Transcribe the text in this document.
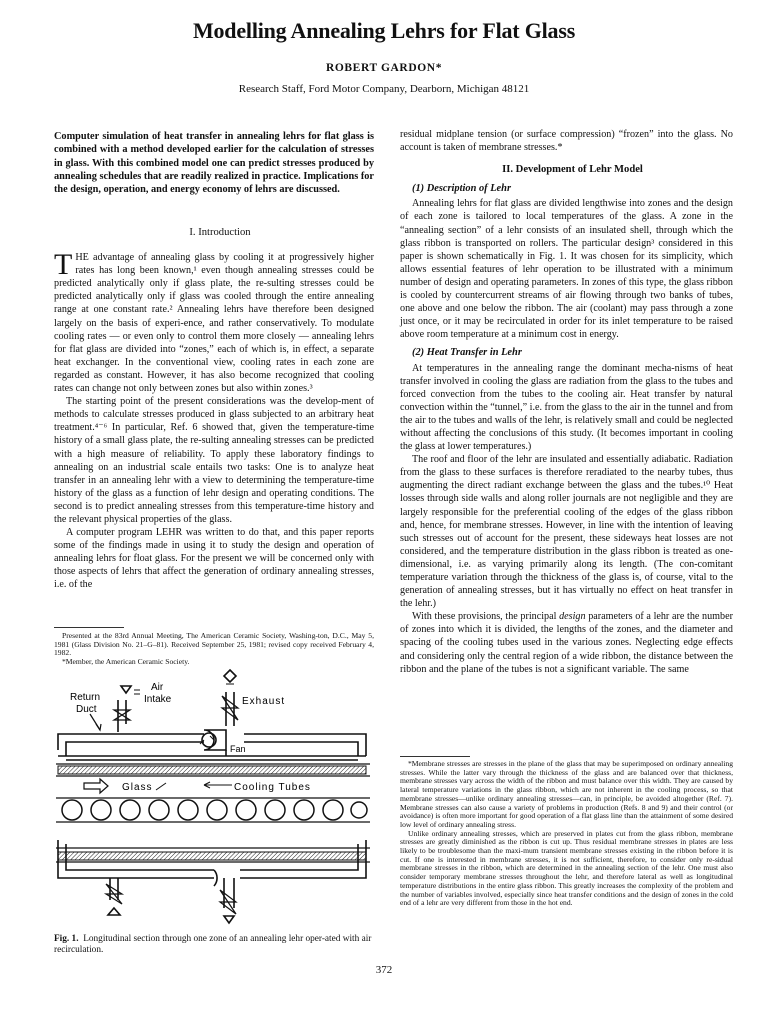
Modelling Annealing Lehrs for Flat Glass
ROBERT GARDON*
Research Staff, Ford Motor Company, Dearborn, Michigan 48121
Computer simulation of heat transfer in annealing lehrs for flat glass is combined with a method developed earlier for the calculation of stresses in glass. With this combined model one can predict stresses produced by annealing schedules that are readily realized in practice. Implications for the design, operation, and energy economy of lehrs are discussed.

I. Introduction

THE advantage of annealing glass by cooling it at progressively higher rates has long been known,¹ even though annealing stresses could be predicted analytically only if glass plate, the re-sulting stresses could be predicted analytically only if glass was cooled through the entire annealing range at one constant rate.² Annealing lehrs have therefore been designed largely on the basis of experi-ence, and rather conservatively. To modulate cooling rates — or even only to control them more closely — annealing lehrs for flat glass are divided into “zones,” each of which is, in effect, a separate heat exchanger. In the conventional view, cooling rates in each zone are regarded as constant. However, it has also become recognized that cooling rates can change not only between zones but also within zones.³

The starting point of the present considerations was the develop-ment of methods to calculate stresses produced in glass subjected to an arbitrary heat treatment.⁴⁻⁶ In particular, Ref. 6 showed that, given the temperature-time history of a small glass plate, the re-sulting annealing stresses can be predicted with a high measure of reliability. To apply these laboratory findings to annealing on an industrial scale entails two tasks: One is to analyze heat transfer in an annealing lehr with a view to determining the temperature-time history of the glass as a function of lehr design and operating conditions. The second is to predict annealing stresses from this temperature-time history and the relevant physical properties of the glass.

A computer program LEHR was written to do that, and this paper reports some of the findings made in using it to study the design and operation of annealing lehrs for float glass. For the present we will be concerned only with those aspects of lehrs that affect the generation of ordinary annealing stresses, i.e. of the

Presented at the 83rd Annual Meeting, The American Ceramic Society, Washing-ton, D.C., May 5, 1981 (Glass Division No. 21–G–81). Received September 25, 1981; revised copy received February 4, 1982.

*Member, the American Ceramic Society.

Air
Intake
Return
Duct
Exhaust
Fan
Glass	Cooling Tubes
Fig. 1. Longitudinal section through one zone of an annealing lehr oper-ated with air recirculation.

residual midplane tension (or surface compression) “frozen” into the glass. No account is taken of membrane stresses.*

II. Development of Lehr Model

(1) Description of Lehr

Annealing lehrs for flat glass are divided lengthwise into zones and the design of each zone is tailored to local temperatures of the glass. A zone in the “annealing section” of a lehr consists of an insulated shell, through which the glass ribbon is transported on rollers. The particular design³ considered in this paper is shown schematically in Fig. 1. It was chosen for its simplicity, which allows essential features of lehr operation to be illustrated with a minimum number of design and operating parameters. In zones of this type, the glass ribbon is cooled by countercurrent streams of air flowing through two banks of tubes, one above and one below the ribbon. The air (coolant) may pass through a zone just once, or it may be recirculated in order for its inlet temperature to be raised above room temperature at a minimum cost in energy.

(2) Heat Transfer in Lehr

At temperatures in the annealing range the dominant mecha-nisms of heat transfer involved in cooling the glass are radiation from the glass to the tubes and forced convection from the tubes to the cooling air. Heat transfer by natural convection within the “tunnel,” i.e. from the glass to the air in the tunnel and from the air to the tubes and walls of the lehr, is relatively small and could be neglected without affecting the conclusions of this study. (It becomes important in cooling the glass at lower temperatures.)

The roof and floor of the lehr are insulated and essentially adiabatic. Radiation from the glass to these surfaces is therefore reradiated to the nearby tubes, thus augmenting the direct radiant exchange between the glass and the tubes.¹⁰ Heat losses through side walls and along roller journals are not negligible and they are largely responsible for the preferential cooling of the edges of the glass ribbon and, hence, for membrane stresses. However, in line with the intention of leaving such stresses out of account for the present, these sideways heat losses are not considered, and the temperature distribution in the glass ribbon is treated as one-dimensional, i.e. as varying primarily along its length. (The con-comitant temperature variation through the thickness of the glass is, of course, vital to the generation of annealing stresses, but it has virtually no effect on heat transfer in the lehr.)

With these provisions, the principal design parameters of a lehr are the number of zones into which it is divided, the lengths of the zones, and the diameter and spacing of the cooling tubes used in the various zones. Neglecting edge effects and considering only the central region of a wide ribbon, the distance between the ribbon and the plane of the tubes is not a significant variable. The same

*Membrane stresses are stresses in the plane of the glass that may be superimposed on ordinary annealing stresses. While the latter vary through the thickness of the glass and are balanced over that thickness, membrane stresses vary across the width of the ribbon and must balance over this width. They are caused by lateral temperature variations in the glass ribbon, which are not inherent in the cooling process, so that membrane stresses—unlike ordinary annealing stresses—can, in principle, be avoided altogether (Ref. 7). Membrane stresses can also cause a variety of problems in production (Refs. 8 and 9) and their control (or avoidance) is often more important for good operation of a flat glass line than the attainment of some desired low level of ordinary annealing stress.

Unlike ordinary annealing stresses, which are preserved in plates cut from the glass ribbon, membrane stresses are greatly diminished as the ribbon is cut up. Thus residual membrane stresses in plates are less likely to be troublesome than the maxi-mum transient membrane stresses existing in the ribbon before it is cut. If one is interested in membrane stresses, it is not sufficient, therefore, to consider only re-sidual membrane stresses in the ribbon, which are determined in the annealing section of the lehr. One must also consider temporary membrane stresses throughout the lehr, and therefore lateral as well as longitudinal temperature distributions in the entire glass ribbon. This greatly increases the complexity of the problem and the number of variables involved, especially since heat transfer conditions and the design of zones in the cold end of a lehr are very different from those in the hot end.

372
